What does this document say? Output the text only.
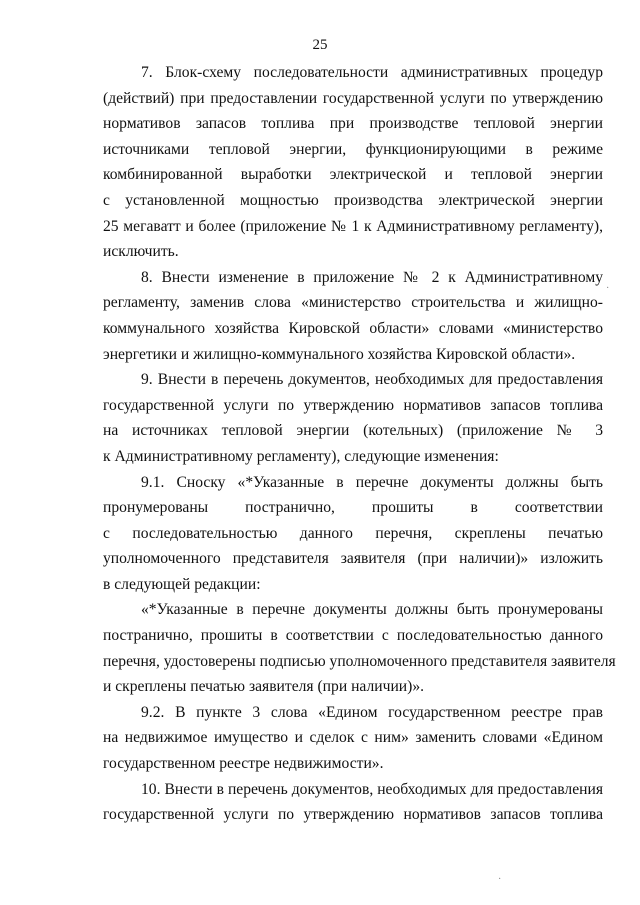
25
7. Блок-схему последовательности административных процедур
(действий) при предоставлении государственной услуги по утверждению
нормативов запасов топлива при производстве тепловой энергии
источниками тепловой энергии, функционирующими в режиме
комбинированной выработки электрической и тепловой энергии
с установленной мощностью производства электрической энергии
25 мегаватт и более (приложение № 1 к Административному регламенту),
исключить.
8. Внести изменение в приложение № 2 к Административному
регламенту, заменив слова «министерство строительства и жилищно-
коммунального хозяйства Кировской области» словами «министерство
энергетики и жилищно-коммунального хозяйства Кировской области».
9. Внести в перечень документов, необходимых для предоставления
государственной услуги по утверждению нормативов запасов топлива
на источниках тепловой энергии (котельных) (приложение № 3
к Административному регламенту), следующие изменения:
9.1. Сноску «*Указанные в перечне документы должны быть
пронумерованы постранично, прошиты в соответствии
с последовательностью данного перечня, скреплены печатью
уполномоченного представителя заявителя (при наличии)» изложить
в следующей редакции:
«*Указанные в перечне документы должны быть пронумерованы
постранично, прошиты в соответствии с последовательностью данного
перечня, удостоверены подписью уполномоченного представителя заявителя
и скреплены печатью заявителя (при наличии)».
9.2. В пункте 3 слова «Едином государственном реестре прав
на недвижимое имущество и сделок с ним» заменить словами «Едином
государственном реестре недвижимости».
10. Внести в перечень документов, необходимых для предоставления
государственной услуги по утверждению нормативов запасов топлива
·
·
